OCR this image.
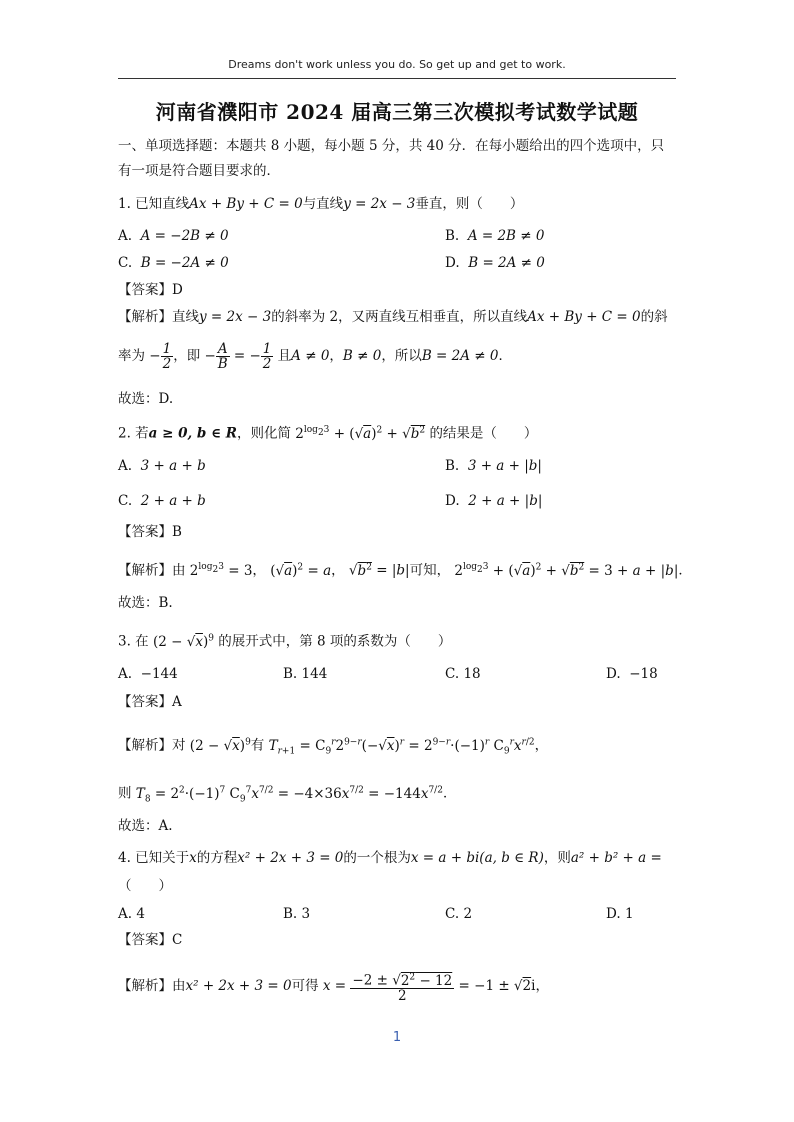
Dreams don't work unless you do. So get up and get to work.
河南省濮阳市 2024 届高三第三次模拟考试数学试题
一、单项选择题：本题共 8 小题，每小题 5 分，共 40 分．在每小题给出的四个选项中，只
有一项是符合题目要求的．
1. 已知直线Ax + By + C = 0与直线y = 2x − 3垂直，则（　　）
A. A = −2B ≠ 0	B. A = 2B ≠ 0
C. B = −2A ≠ 0	D. B = 2A ≠ 0
【答案】D
【解析】直线y = 2x − 3的斜率为 2，又两直线互相垂直，所以直线Ax + By + C = 0的斜
率为 − $\frac{1}{2}$ ，即 − $\frac{A}{B}$ = − $\frac{1}{2}$ 且A ≠ 0，B ≠ 0，所以B = 2A ≠ 0．
故选：D.
2. 若a ≥ 0, b ∈ R，则化简 $2^{log_23} + (√a)^2 + √b^2$ 的结果是（　　）
A. 3 + a + b	B. 3 + a + |b|
C. 2 + a + b	D. 2 + a + |b|
【答案】B
【解析】由 $2^{log_23} = 3$， $(√a)^2 = a$， $√b^2 = |b|$可知， $2^{log_23} + (√a)^2 + √b^2 = 3 + a + |b|$．
故选：B.
3. 在 $(2 - √x)^9$ 的展开式中，第 8 项的系数为（　　）
A. −144	B. 144	C. 18	D. −18
【答案】A
【解析】对 $(2 - √x)^9$有 $T_{r+1} = C_9^r2^{9-r}(-√x)^r = 2^{9-r}\cdot(-1)^r$ $C_9^rx^{r/2}$，
则 $T_8 = 2^2\cdot(-1)^7$ $C_9^7x^{7/2} = -4\times 36x^{7/2} = -144x^{7/2}$．
故选：A.
4. 已知关于x的方程x² + 2x + 3 = 0的一个根为x = a + bi(a, b ∈ R)，则a² + b² + a =
（　　）
A. 4	B. 3	C. 2	D. 1
【答案】C
【解析】由x² + 2x + 3 = 0可得 $x = \frac{-2 \pm √2^2 - 12}{2} = -1 \pm √2i$，
1
